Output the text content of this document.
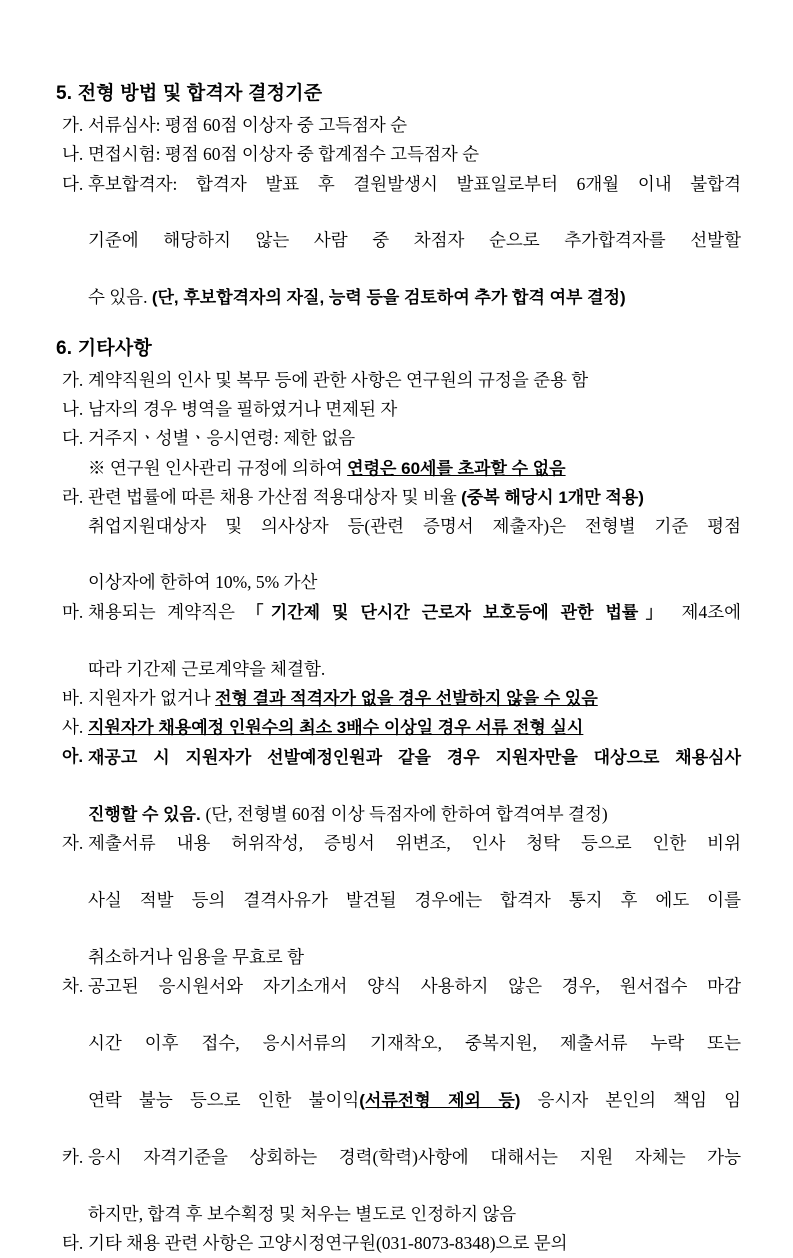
5. 전형 방법 및 합격자 결정기준
가. 서류심사: 평점 60점 이상자 중 고득점자 순
나. 면접시험: 평점 60점 이상자 중 합계점수 고득점자 순
다. 후보합격자: 합격자 발표 후 결원발생시 발표일로부터 6개월 이내 불합격
기준에 해당하지 않는 사람 중 차점자 순으로 추가합격자를 선발할
수 있음. (단, 후보합격자의 자질, 능력 등을 검토하여 추가 합격 여부 결정)
6. 기타사항
가. 계약직원의 인사 및 복무 등에 관한 사항은 연구원의 규정을 준용 함
나. 남자의 경우 병역을 필하였거나 면제된 자
다. 거주지ㆍ성별ㆍ응시연령: 제한 없음
※ 연구원 인사관리 규정에 의하여 연령은 60세를 초과할 수 없음
라. 관련 법률에 따른 채용 가산점 적용대상자 및 비율 (중복 해당시 1개만 적용)
취업지원대상자 및 의사상자 등(관련 증명서 제출자)은 전형별 기준 평점
이상자에 한하여 10%, 5% 가산
마. 채용되는 계약직은 「기간제 및 단시간 근로자 보호등에 관한 법률」 제4조에
따라 기간제 근로계약을 체결함.
바. 지원자가 없거나 전형 결과 적격자가 없을 경우 선발하지 않을 수 있음
사. 지원자가 채용예정 인원수의 최소 3배수 이상일 경우 서류 전형 실시
아. 재공고 시 지원자가 선발예정인원과 같을 경우 지원자만을 대상으로 채용심사
진행할 수 있음. (단, 전형별 60점 이상 득점자에 한하여 합격여부 결정)
자. 제출서류 내용 허위작성, 증빙서 위변조, 인사 청탁 등으로 인한 비위
사실 적발 등의 결격사유가 발견될 경우에는 합격자 통지 후 에도 이를
취소하거나 임용을 무효로 함
차. 공고된 응시원서와 자기소개서 양식 사용하지 않은 경우, 원서접수 마감
시간 이후 접수, 응시서류의 기재착오, 중복지원, 제출서류 누락 또는
연락 불능 등으로 인한 불이익(서류전형 제외 등) 응시자 본인의 책임 임
카. 응시 자격기준을 상회하는 경력(학력)사항에 대해서는 지원 자체는 가능
하지만, 합격 후 보수획정 및 처우는 별도로 인정하지 않음
타. 기타 채용 관련 사항은 고양시정연구원(031-8073-8348)으로 문의
